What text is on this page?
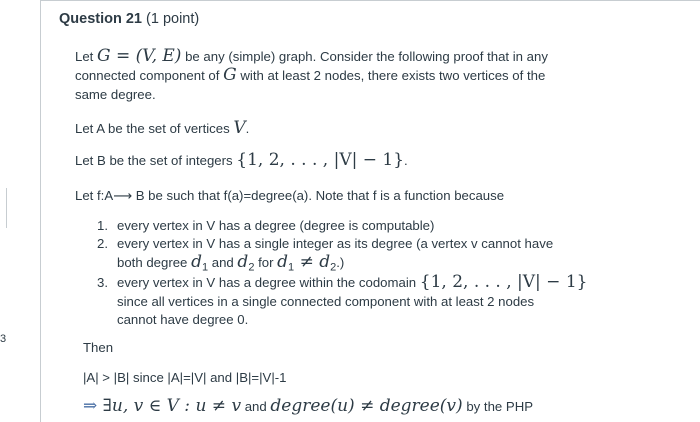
3
Question 21 (1 point)
Let G = (V, E) be any (simple) graph. Consider the following proof that in any connected component of G with at least 2 nodes, there exists two vertices of the same degree.
Let A be the set of vertices V.
Let B be the set of integers {1, 2, . . . , |V| − 1}.
Let f:A⟶ B be such that f(a)=degree(a). Note that f is a function because
1. every vertex in V has a degree (degree is computable)
2. every vertex in V has a single integer as its degree (a vertex v cannot have
both degree $d_1$ and $d_2$ for $d_1 \ne d_2$.)
3. every vertex in V has a degree within the codomain {1, 2, . . . , |V| − 1}
since all vertices in a single connected component with at least 2 nodes
cannot have degree 0.
Then
|A| > |B| since |A|=|V| and |B|=|V|-1
⇒ ∃u, v ∈ V : u ≠ v and degree(u) ≠ degree(v) by the PHP
